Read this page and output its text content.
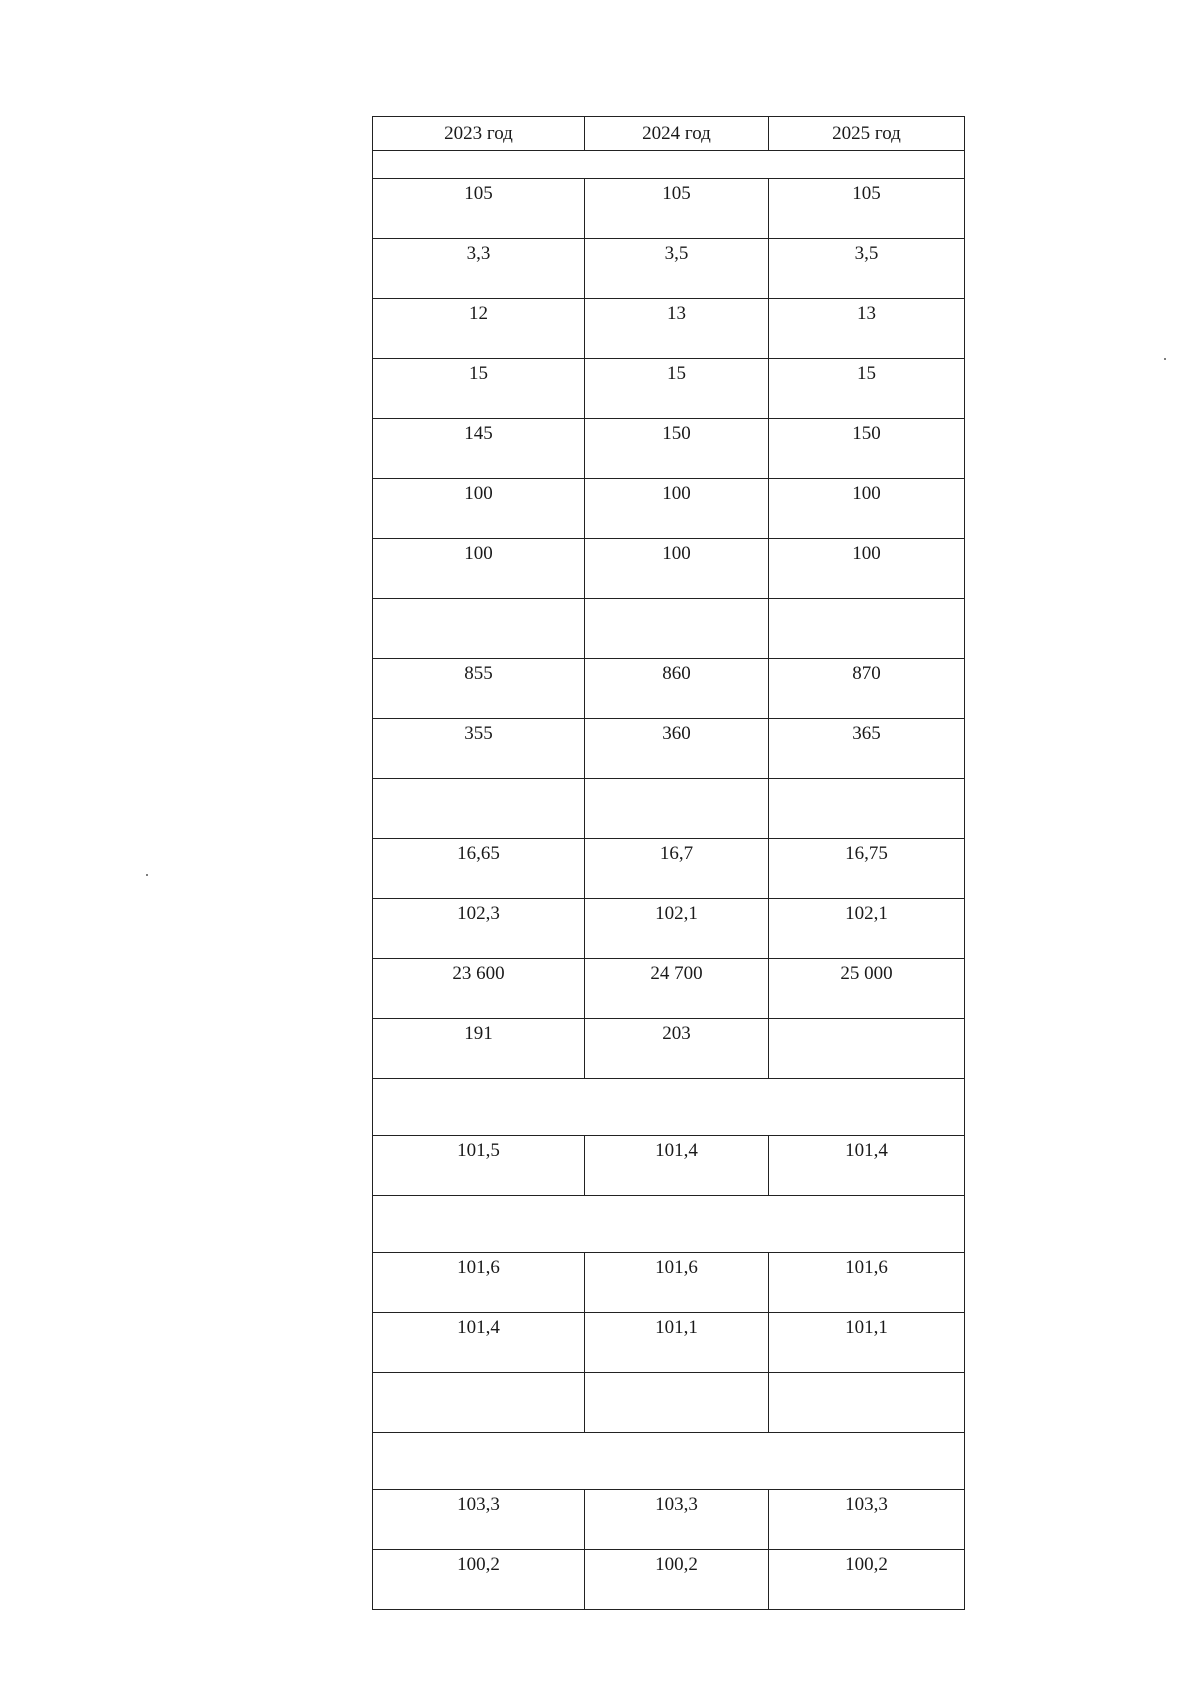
2023 год	2024 год	2025 год

105	105	105
3,3	3,5	3,5
12	13	13
15	15	15
145	150	150
100	100	100
100	100	100

855	860	870
355	360	365

16,65	16,7	16,75
102,3	102,1	102,1
23 600	24 700	25 000
191	203	

101,5	101,4	101,4

101,6	101,6	101,6
101,4	101,1	101,1

103,3	103,3	103,3
100,2	100,2	100,2
